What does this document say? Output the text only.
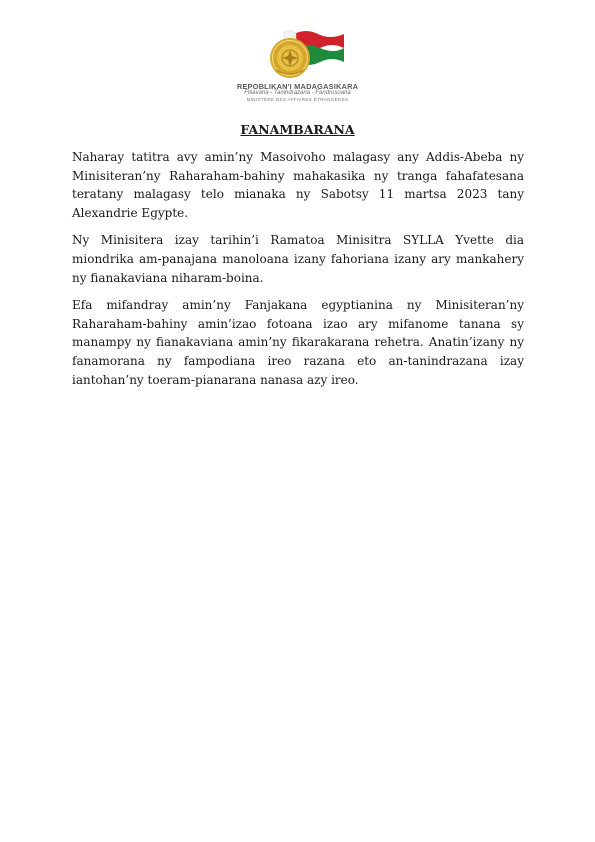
REPOBLIKAN'I MADAGASIKARA
Fitiavana - Tanindrazana - Fandrosoana
MINISTÈRE DES AFFAIRES ÉTRANGÈRES
FANAMBARANA

Naharay tatitra avy amin’ny Masoivoho malagasy any Addis-Abeba ny Minisiteran’ny Raharaham-bahiny mahakasika ny tranga fahafatesana teratany malagasy telo mianaka ny Sabotsy 11 martsa 2023 tany Alexandrie Egypte.

Ny Minisitera izay tarihin’i Ramatoa Minisitra SYLLA Yvette dia miondrika am-panajana manoloana izany fahoriana izany ary mankahery ny fianakaviana niharam-boina.

Efa mifandray amin’ny Fanjakana egyptianina ny Minisiteran’ny Raharaham-bahiny amin’izao fotoana izao ary mifanome tanana sy manampy ny fianakaviana amin’ny fikarakarana rehetra. Anatin’izany ny fanamorana ny fampodiana ireo razana eto an-tanindrazana izay iantohan’ny toeram-pianarana nanasa azy ireo.
